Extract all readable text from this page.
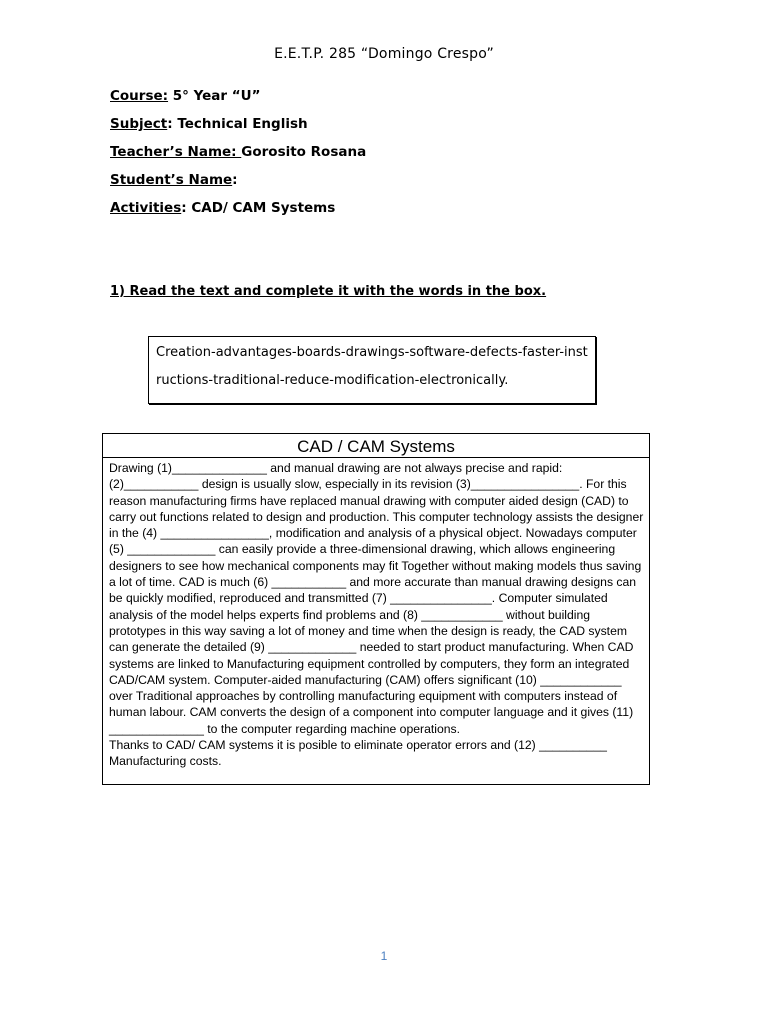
E.E.T.P. 285 “Domingo Crespo”
Course: 5° Year “U”
Subject: Technical English
Teacher’s Name: Gorosito Rosana
Student’s Name:
Activities: CAD/ CAM Systems
1) Read the text and complete it with the words in the box.
Creation-advantages-boards-drawings-software-defects-faster-instructions-traditional-reduce-modification-electronically.
CAD / CAM Systems

Drawing (1)______________ and manual drawing are not always precise and rapid: (2)___________ design is usually slow, especially in its revision (3)________________. For this reason manufacturing firms have replaced manual drawing with computer aided design (CAD) to carry out functions related to design and production. This computer technology assists the designer in the (4) ________________, modification and analysis of a physical object. Nowadays computer (5) _____________ can easily provide a three-dimensional drawing, which allows engineering designers to see how mechanical components may fit Together without making models thus saving a lot of time. CAD is much (6) ___________ and more accurate than manual drawing designs can be quickly modified, reproduced and transmitted (7) _______________. Computer simulated analysis of the model helps experts find problems and (8) ____________ without building prototypes in this way saving a lot of money and time when the design is ready, the CAD system can generate the detailed (9) _____________ needed to start product manufacturing. When CAD systems are linked to Manufacturing equipment controlled by computers, they form an integrated CAD/CAM system. Computer-aided manufacturing (CAM) offers significant (10) ____________ over Traditional approaches by controlling manufacturing equipment with computers instead of human labour. CAM converts the design of a component into computer language and it gives (11) ______________ to the computer regarding machine operations.

Thanks to CAD/ CAM systems it is posible to eliminate operator errors and (12) __________ Manufacturing costs.

1
